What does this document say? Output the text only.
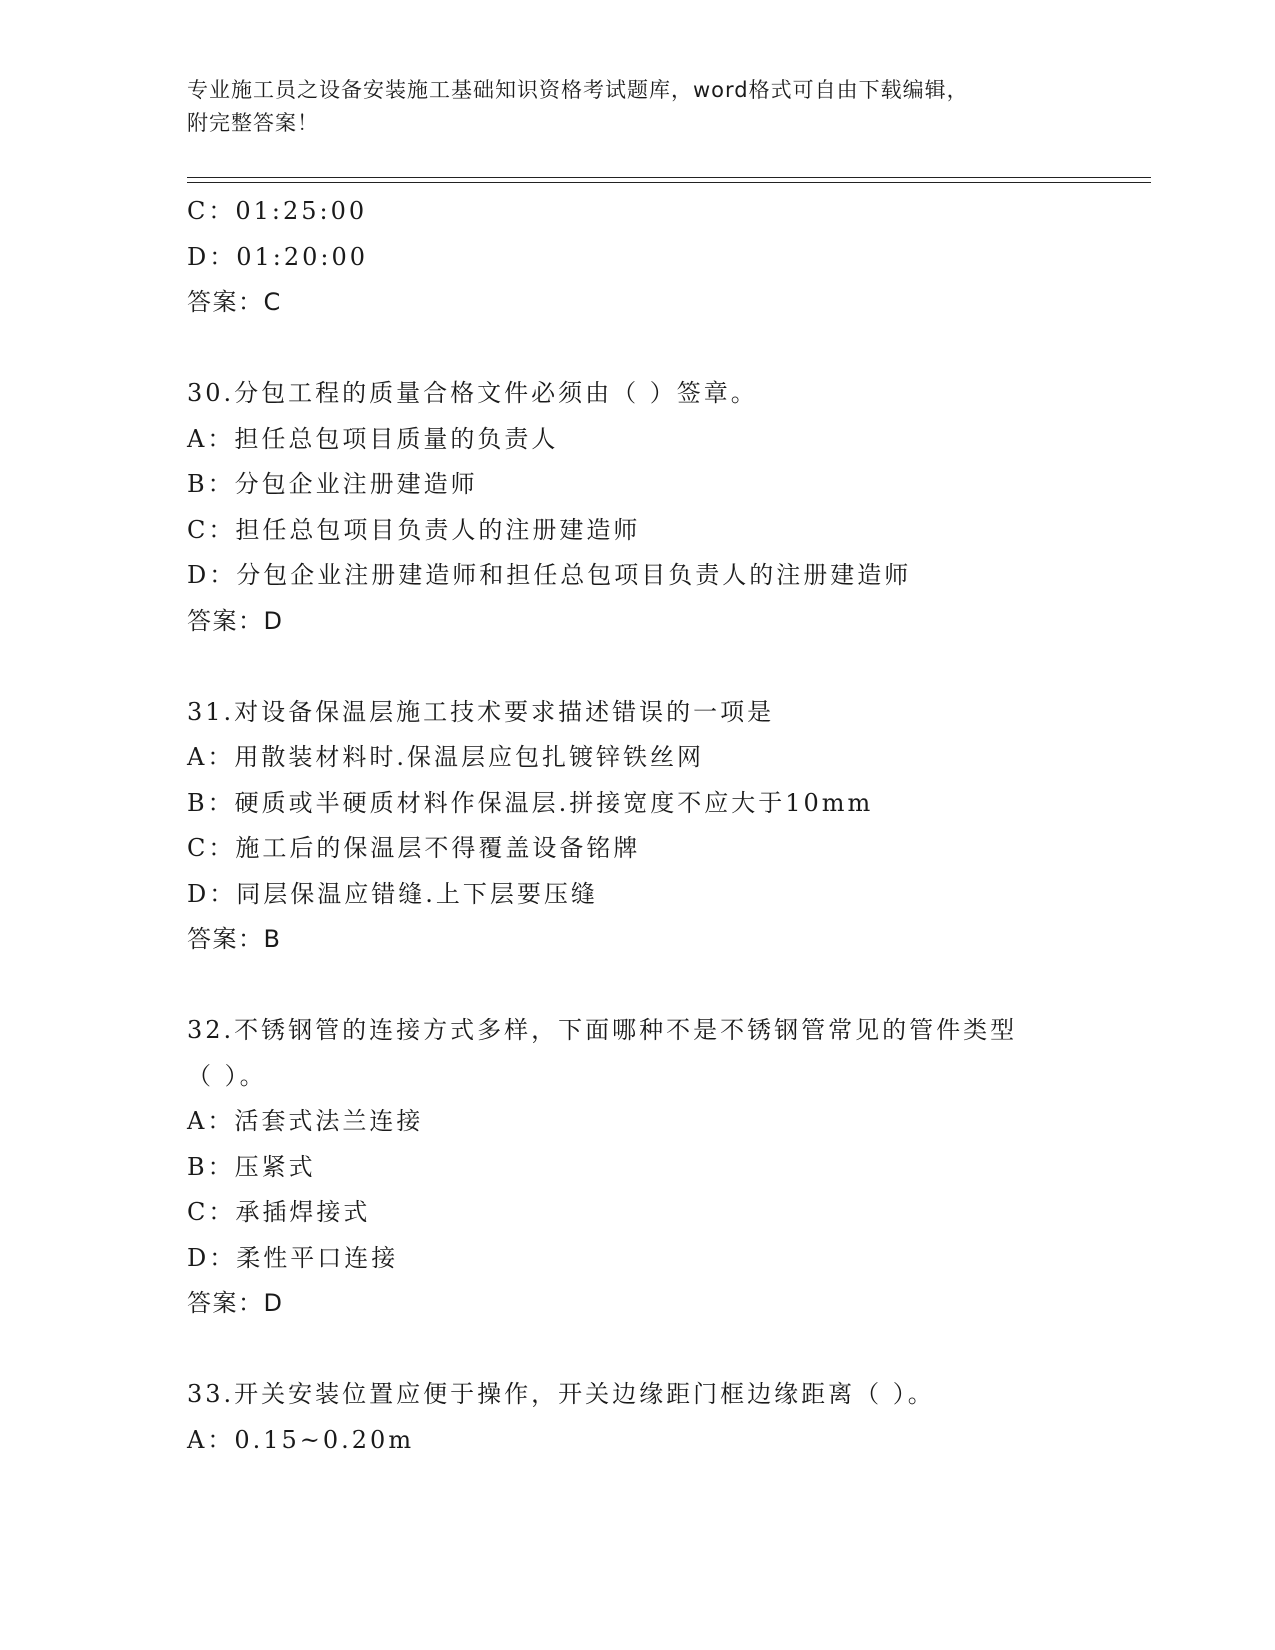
专业施工员之设备安装施工基础知识资格考试题库，word格式可自由下载编辑，
附完整答案！
C：01:25:00
D：01:20:00
答案：C
30.分包工程的质量合格文件必须由（ ）签章。
A：担任总包项目质量的负责人
B：分包企业注册建造师
C：担任总包项目负责人的注册建造师
D：分包企业注册建造师和担任总包项目负责人的注册建造师
答案：D
31.对设备保温层施工技术要求描述错误的一项是
A：用散装材料时.保温层应包扎镀锌铁丝网
B：硬质或半硬质材料作保温层.拼接宽度不应大于10mm
C：施工后的保温层不得覆盖设备铭牌
D：同层保温应错缝.上下层要压缝
答案：B
32.不锈钢管的连接方式多样，下面哪种不是不锈钢管常见的管件类型
（ ）。
A：活套式法兰连接
B：压紧式
C：承插焊接式
D：柔性平口连接
答案：D
33.开关安装位置应便于操作，开关边缘距门框边缘距离（ ）。
A：0.15~0.20m
